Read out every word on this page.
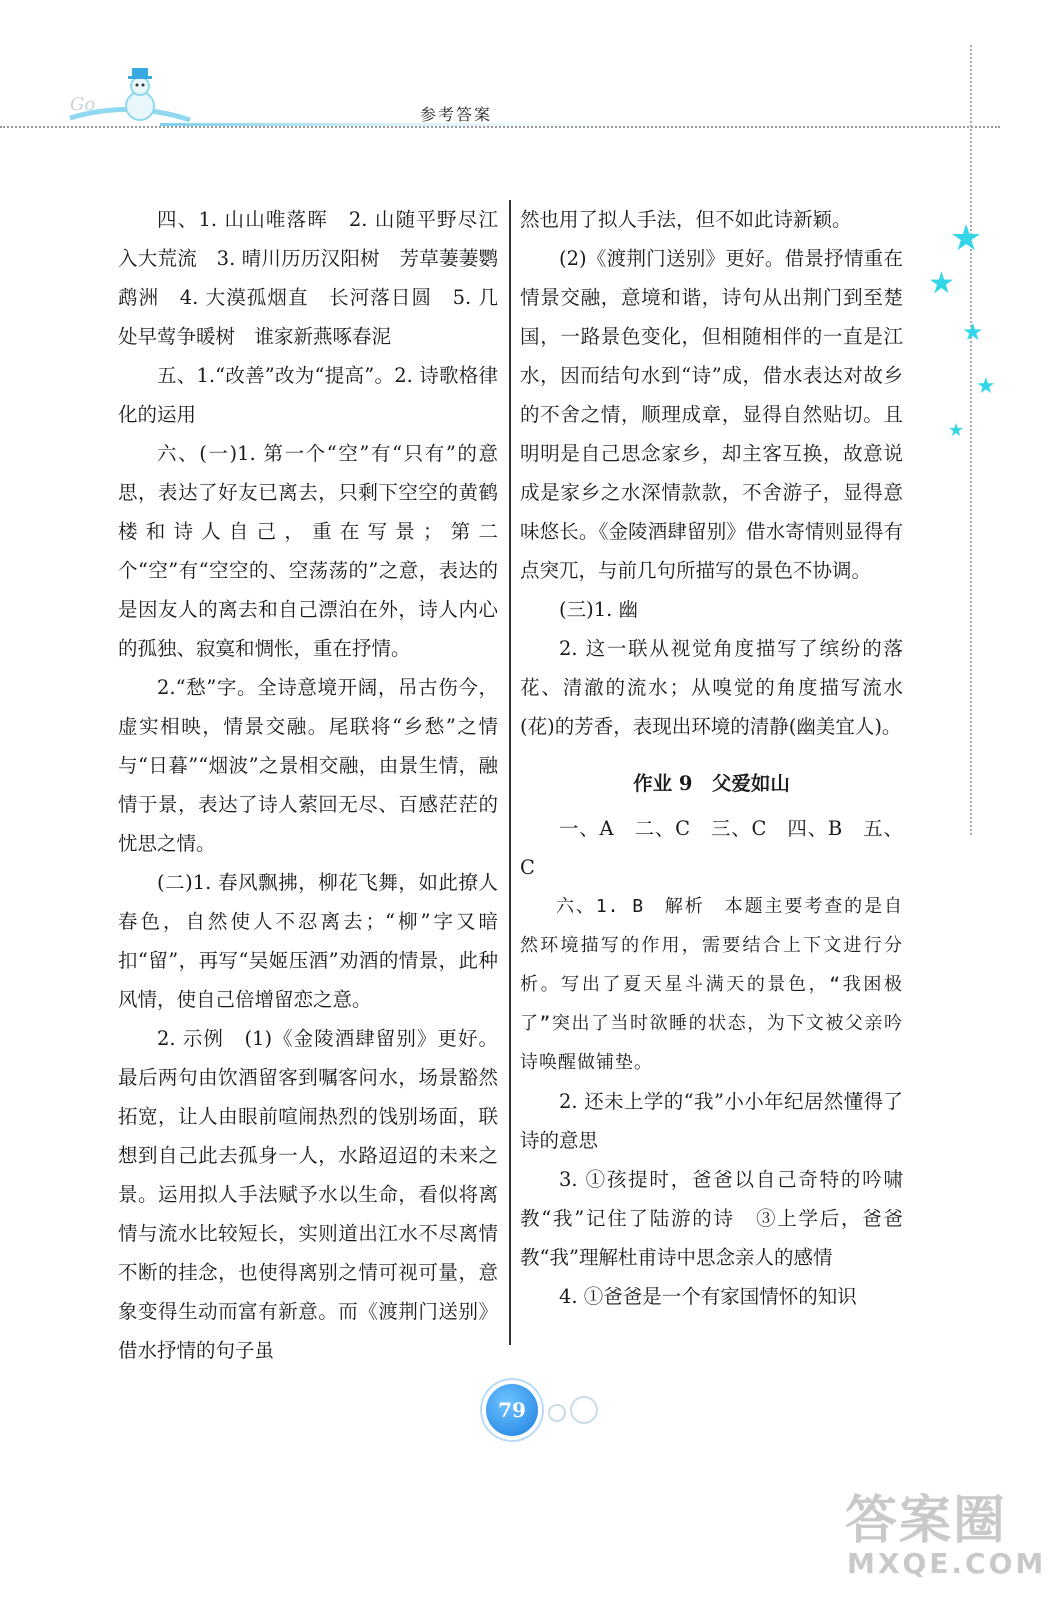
Go	参考答案
★
★
★
★
★

四、1. 山山唯落晖　2. 山随平野尽江入大荒流　3. 晴川历历汉阳树　芳草萋萋鹦鹉洲　4. 大漠孤烟直　长河落日圆　5. 几处早莺争暖树　谁家新燕啄春泥

五、1.“改善”改为“提高”。2. 诗歌格律化的运用

六、(一)1. 第一个“空”有“只有”的意思，表达了好友已离去，只剩下空空的黄鹤楼和诗人自己，重在写景；第二个“空”有“空空的、空荡荡的”之意，表达的是因友人的离去和自己漂泊在外，诗人内心的孤独、寂寞和惆怅，重在抒情。

2.“愁”字。全诗意境开阔，吊古伤今，虚实相映，情景交融。尾联将“乡愁”之情与“日暮”“烟波”之景相交融，由景生情，融情于景，表达了诗人萦回无尽、百感茫茫的忧思之情。

(二)1. 春风飘拂，柳花飞舞，如此撩人春色，自然使人不忍离去；“柳”字又暗扣“留”，再写“吴姬压酒”劝酒的情景，此种风情，使自己倍增留恋之意。

2. 示例　(1)《金陵酒肆留别》更好。最后两句由饮酒留客到嘱客问水，场景豁然拓宽，让人由眼前喧闹热烈的饯别场面，联想到自己此去孤身一人，水路迢迢的未来之景。运用拟人手法赋予水以生命，看似将离情与流水比较短长，实则道出江水不尽离情不断的挂念，也使得离别之情可视可量，意象变得生动而富有新意。而《渡荆门送别》借水抒情的句子虽

然也用了拟人手法，但不如此诗新颖。

(2)《渡荆门送别》更好。借景抒情重在情景交融，意境和谐，诗句从出荆门到至楚国，一路景色变化，但相随相伴的一直是江水，因而结句水到“诗”成，借水表达对故乡的不舍之情，顺理成章，显得自然贴切。且明明是自己思念家乡，却主客互换，故意说成是家乡之水深情款款，不舍游子，显得意味悠长。《金陵酒肆留别》借水寄情则显得有点突兀，与前几句所描写的景色不协调。

(三)1. 幽

2. 这一联从视觉角度描写了缤纷的落花、清澈的流水；从嗅觉的角度描写流水(花)的芳香，表现出环境的清静(幽美宜人)。

作业 9　父爱如山

一、A　二、C　三、C　四、B　五、C

六、1. B　解析　本题主要考查的是自然环境描写的作用，需要结合上下文进行分析。写出了夏天星斗满天的景色，“我困极了”突出了当时欲睡的状态，为下文被父亲吟诗唤醒做铺垫。

2. 还未上学的“我”小小年纪居然懂得了诗的意思

3. ①孩提时，爸爸以自己奇特的吟啸教“我”记住了陆游的诗　③上学后，爸爸教“我”理解杜甫诗中思念亲人的感情

4. ①爸爸是一个有家国情怀的知识

79
答案圈
MXQE.COM
